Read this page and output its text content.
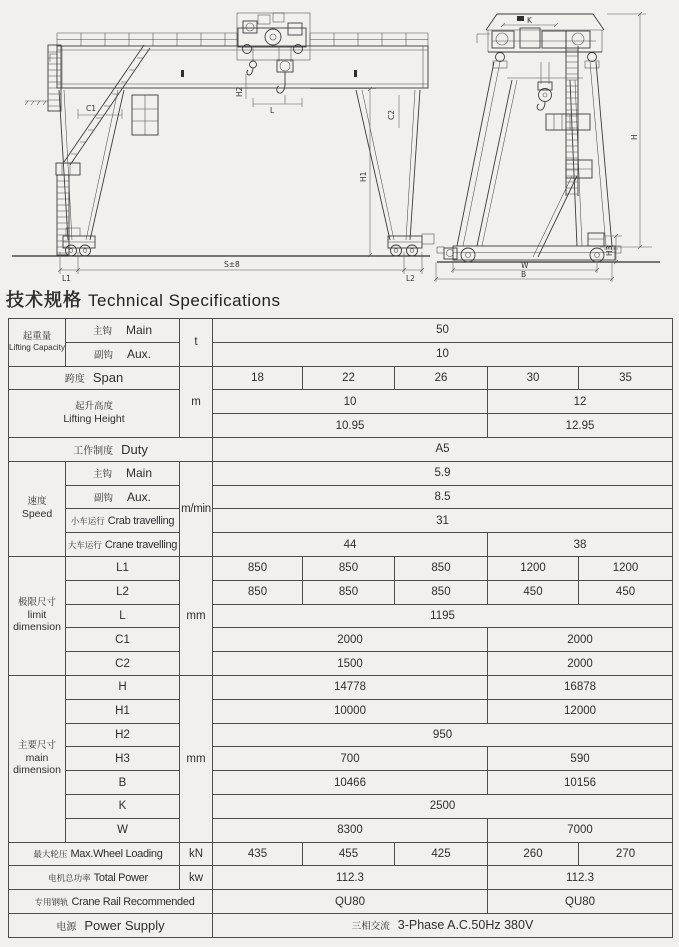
C1
H2
L	C2
H1
L1
S±8
L2
K
H
H3
W
B
技术规格 Technical Specifications
起重量
Lifting Capacity	主钩 Main	t	50				
	副钩 Aux.		10				
跨度 Span		m	18	22	26	30	35

起升高度
Lifting Height			10			12	
			10.95			12.95	
工作制度 Duty			A5				

速度
Speed	主钩 Main	m/min	5.9				
	副钩 Aux.		8.5				
	小车运行 Crab travelling		31				
	大车运行 Crane travelling		44			38	

极限尺寸
limit
dimension	L1	mm	850	850	850	1200	1200
	L2		850	850	850	450	450
	L		1195				
	C1		2000			2000	
	C2		1500			2000	

主要尺寸
main
dimension	H	mm	14778			16878	
	H1		10000			12000	
	H2		950				
	H3		700			590	
	B		10466			10156	
	K		2500				
	W		8300			7000	
最大轮压 Max.Wheel Loading		kN	435	455	425	260	270
电机总功率 Total Power		kw	112.3			112.3	
专用钢轨 Crane Rail Recommended			QU80			QU80	
电源 Power Supply			三相交流 3-Phase A.C.50Hz 380V				
